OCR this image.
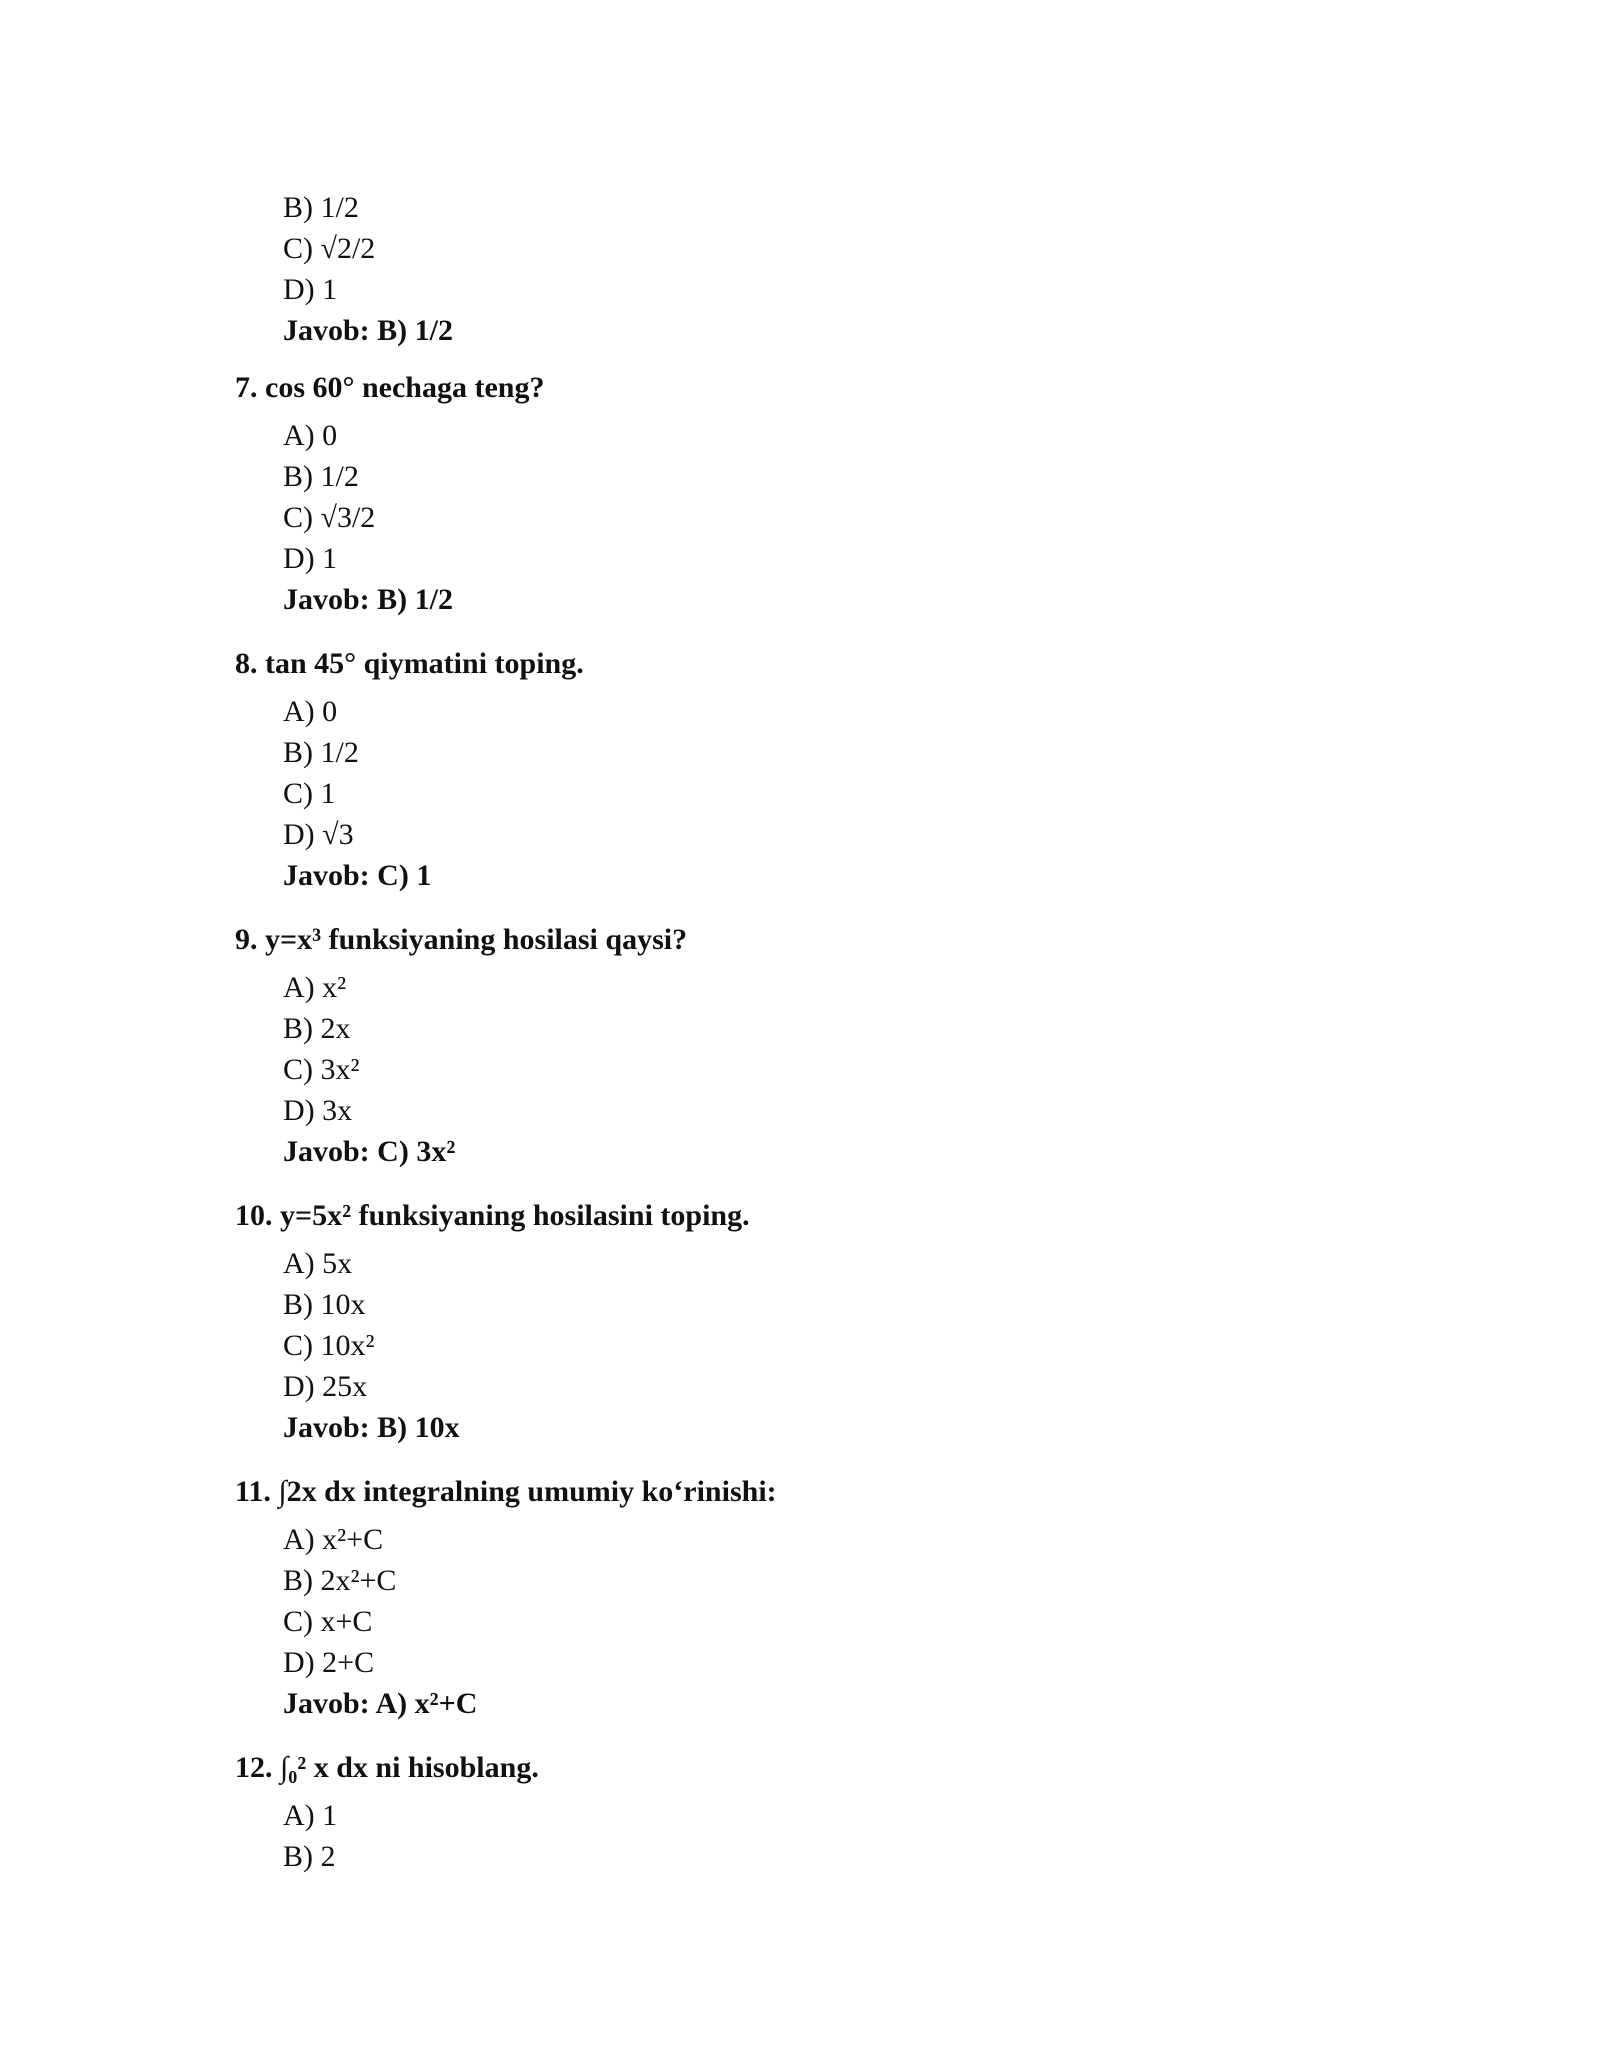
B) 1/2
C) √2/2
D) 1
Javob: B) 1/2
7. cos 60° nechaga teng?
A) 0
B) 1/2
C) √3/2
D) 1
Javob: B) 1/2
8. tan 45° qiymatini toping.
A) 0
B) 1/2
C) 1
D) √3
Javob: C) 1
9. y=x³ funksiyaning hosilasi qaysi?
A) x²
B) 2x
C) 3x²
D) 3x
Javob: C) 3x²
10. y=5x² funksiyaning hosilasini toping.
A) 5x
B) 10x
C) 10x²
D) 25x
Javob: B) 10x
11. ∫2x dx integralning umumiy ko‘rinishi:
A) x²+C
B) 2x²+C
C) x+C
D) 2+C
Javob: A) x²+C
12. $\int_0^2$ x dx ni hisoblang.
A) 1
B) 2
